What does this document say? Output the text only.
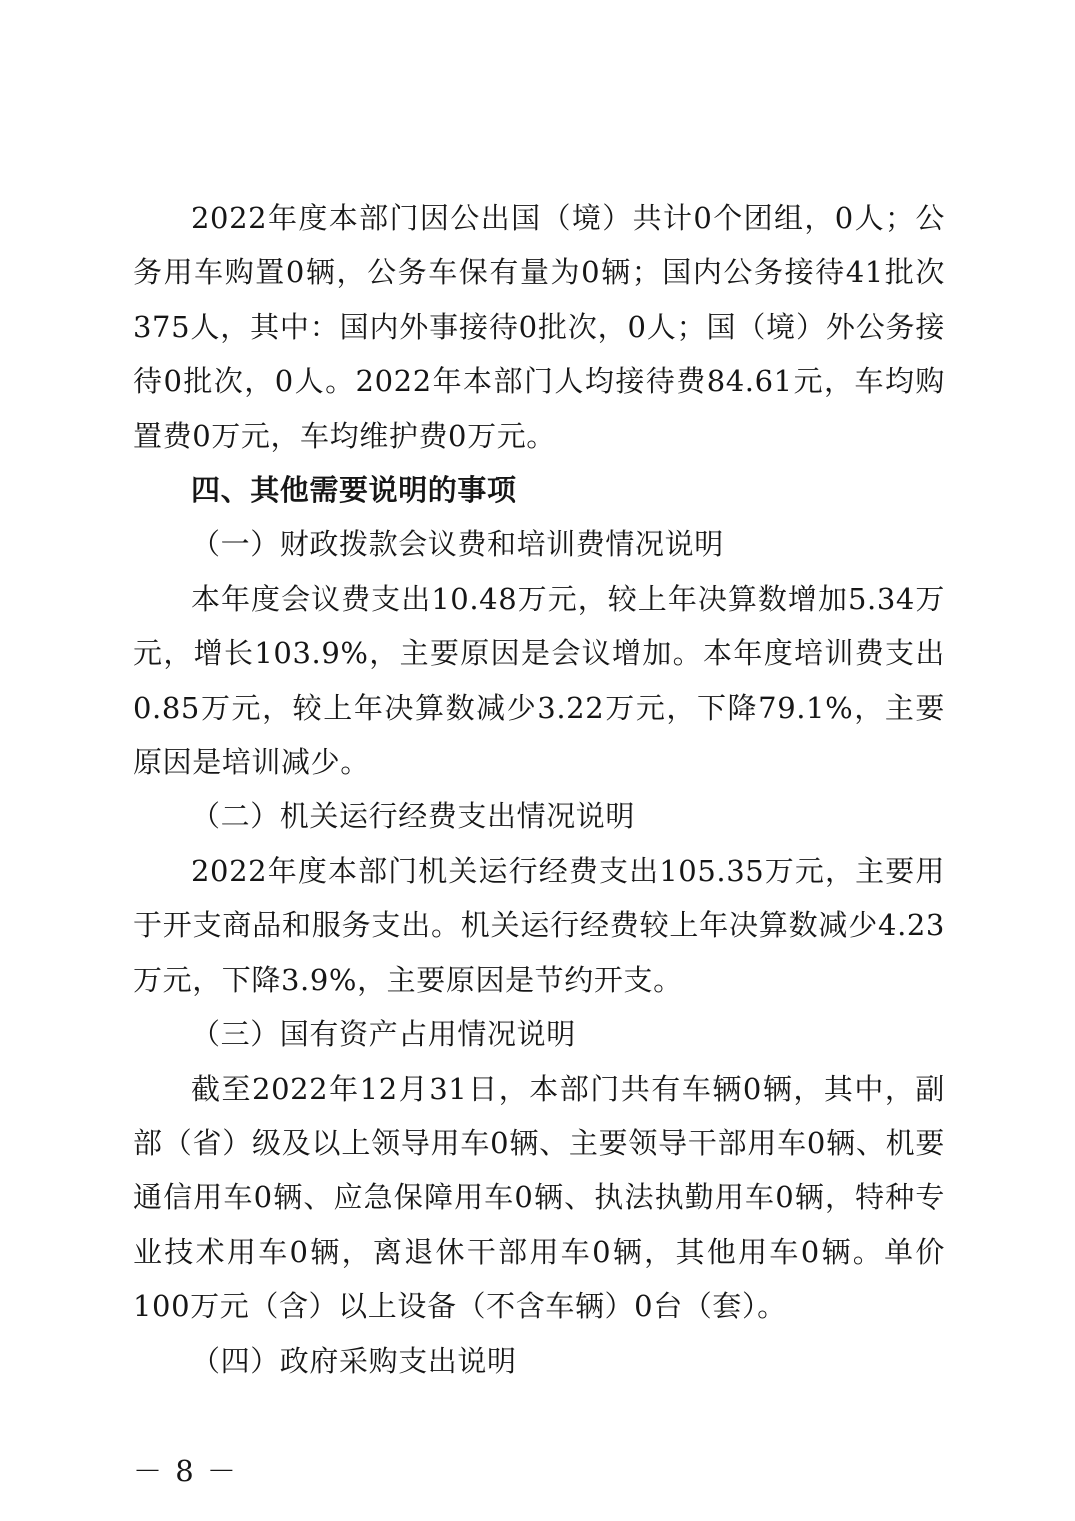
2022年度本部门因公出国（境）共计0个团组，0人；公务用车购置0辆，公务车保有量为0辆；国内公务接待41批次375人，其中：国内外事接待0批次，0人；国（境）外公务接待0批次，0人。2022年本部门人均接待费84.61元，车均购置费0万元，车均维护费0万元。

四、其他需要说明的事项

（一）财政拨款会议费和培训费情况说明

本年度会议费支出10.48万元，较上年决算数增加5.34万元，增长103.9%，主要原因是会议增加。本年度培训费支出0.85万元，较上年决算数减少3.22万元，下降79.1%，主要原因是培训减少。

（二）机关运行经费支出情况说明

2022年度本部门机关运行经费支出105.35万元，主要用于开支商品和服务支出。机关运行经费较上年决算数减少4.23万元，下降3.9%，主要原因是节约开支。

（三）国有资产占用情况说明

截至2022年12月31日，本部门共有车辆0辆，其中，副部（省）级及以上领导用车0辆、主要领导干部用车0辆、机要通信用车0辆、应急保障用车0辆、执法执勤用车0辆，特种专业技术用车0辆，离退休干部用车0辆，其他用车0辆。单价100万元（含）以上设备（不含车辆）0台（套）。

（四）政府采购支出说明

－ 8 －
